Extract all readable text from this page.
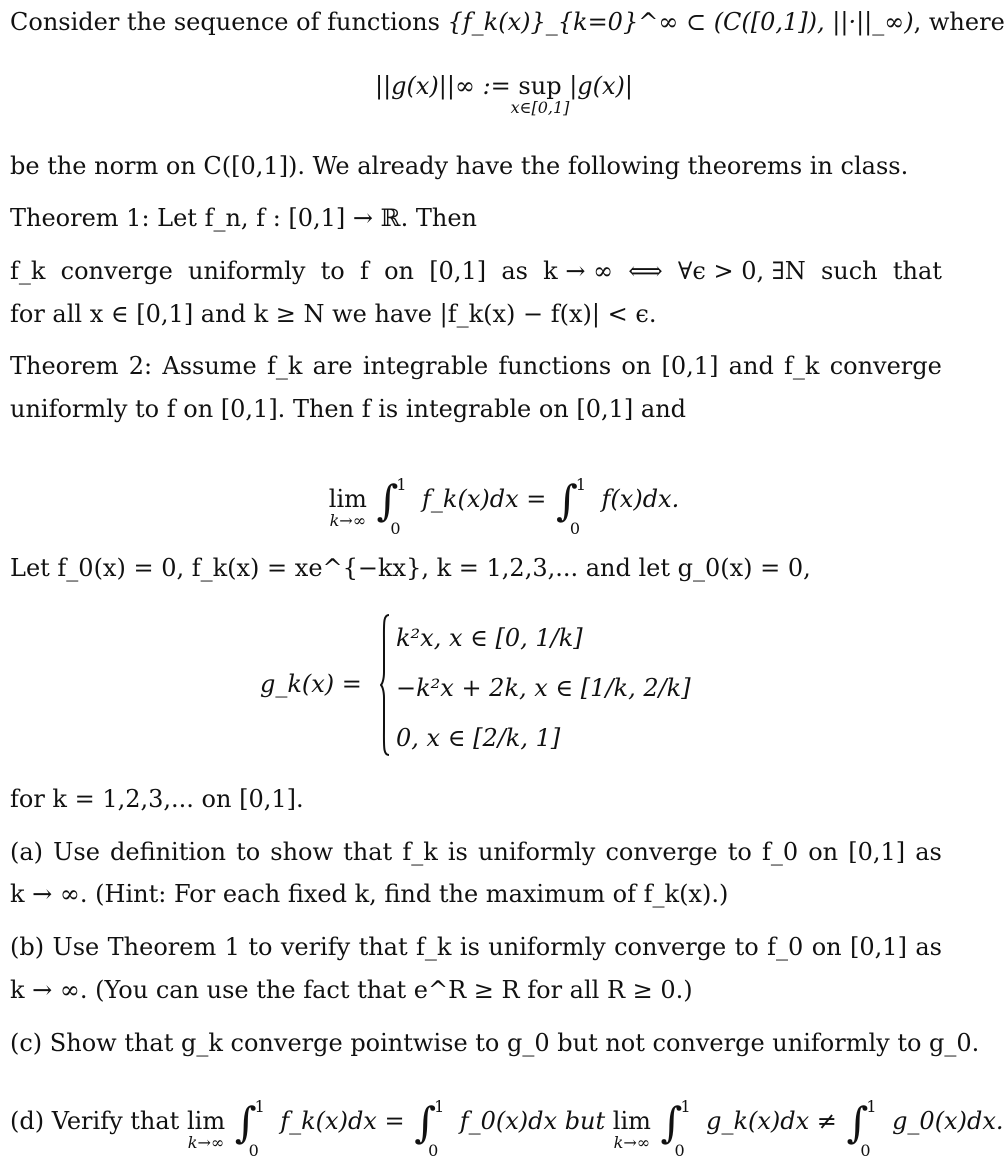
Consider the sequence of functions {f_k(x)}_{k=0}^∞ ⊂ (C([0,1]), ||·||_∞), where
||g(x)||∞ := sup
x∈[0,1]
|g(x)|
be the norm on C([0,1]). We already have the following theorems in class.
Theorem 1: Let f_n, f : [0,1] → ℝ. Then
f_k converge uniformly to f on [0,1] as k → ∞ ⟺ ∀ϵ > 0, ∃N such that
for all x ∈ [0,1] and k ≥ N we have |f_k(x) − f(x)| < ϵ.
Theorem 2: Assume f_k are integrable functions on [0,1] and f_k converge
uniformly to f on [0,1]. Then f is integrable on [0,1] and
lim
k→∞ ∫
1
0
f_k(x)dx = ∫
1
0
f(x)dx.
Let f_0(x) = 0, f_k(x) = xe^{−kx}, k = 1,2,3,... and let g_0(x) = 0,
g_k(x) =
k²x, x ∈ [0, 1/k]
−k²x + 2k, x ∈ [1/k, 2/k]
0, x ∈ [2/k, 1]
for k = 1,2,3,... on [0,1].
(a) Use definition to show that f_k is uniformly converge to f_0 on [0,1] as
k → ∞. (Hint: For each fixed k, find the maximum of f_k(x).)
(b) Use Theorem 1 to verify that f_k is uniformly converge to f_0 on [0,1] as
k → ∞. (You can use the fact that e^R ≥ R for all R ≥ 0.)
(c) Show that g_k converge pointwise to g_0 but not converge uniformly to g_0.
(d) Verify that lim
k→∞ ∫
1
0
f_k(x)dx = ∫
1
0
f_0(x)dx but lim
k→∞ ∫
1
0
g_k(x)dx ≠ ∫
1
0
g_0(x)dx.
